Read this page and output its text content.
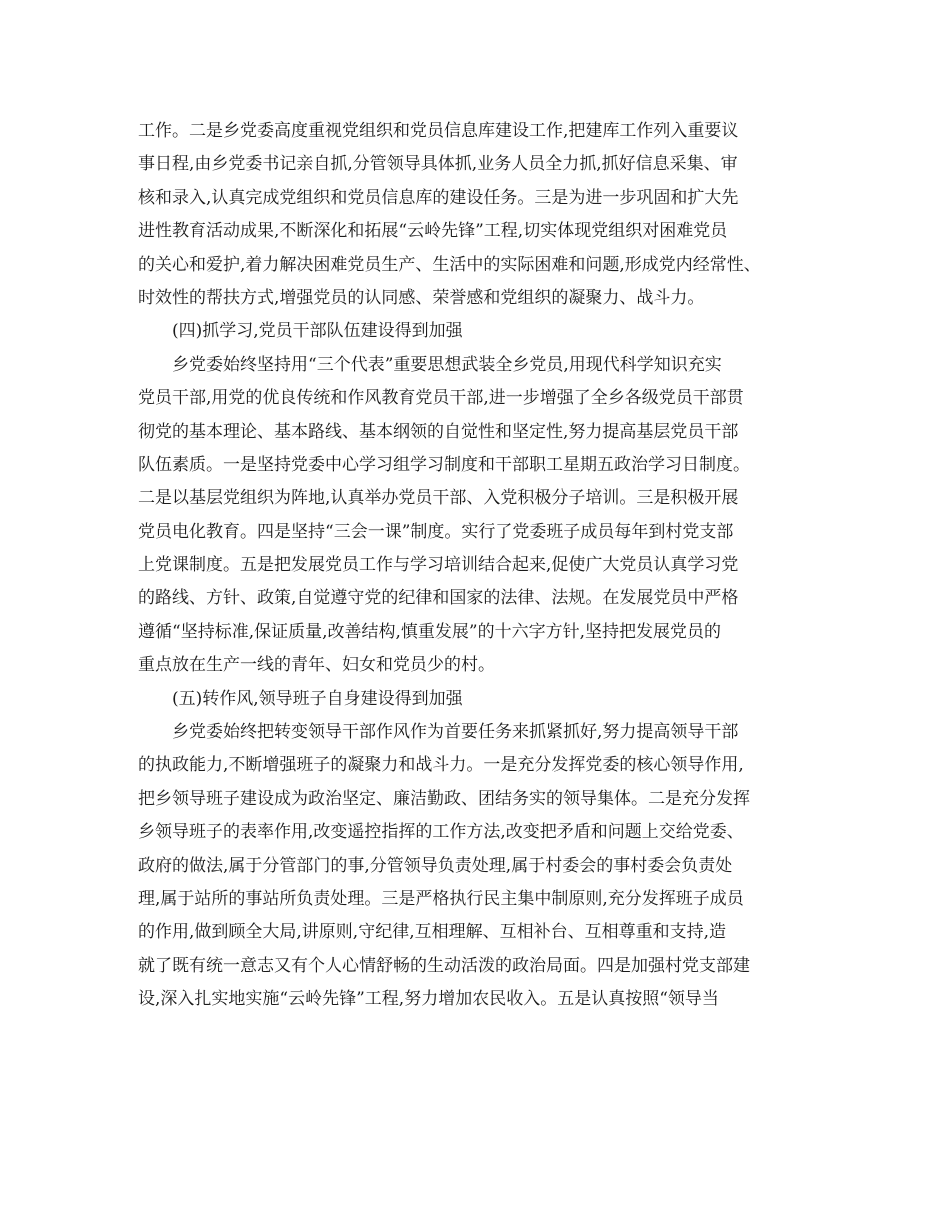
工作。二是乡党委高度重视党组织和党员信息库建设工作,把建库工作列入重要议
事日程,由乡党委书记亲自抓,分管领导具体抓,业务人员全力抓,抓好信息采集、审
核和录入,认真完成党组织和党员信息库的建设任务。三是为进一步巩固和扩大先
进性教育活动成果,不断深化和拓展“云岭先锋”工程,切实体现党组织对困难党员
的关心和爱护,着力解决困难党员生产、生活中的实际困难和问题,形成党内经常性、
时效性的帮扶方式,增强党员的认同感、荣誉感和党组织的凝聚力、战斗力。
(四)抓学习,党员干部队伍建设得到加强
乡党委始终坚持用“三个代表”重要思想武装全乡党员,用现代科学知识充实
党员干部,用党的优良传统和作风教育党员干部,进一步增强了全乡各级党员干部贯
彻党的基本理论、基本路线、基本纲领的自觉性和坚定性,努力提高基层党员干部
队伍素质。一是坚持党委中心学习组学习制度和干部职工星期五政治学习日制度。
二是以基层党组织为阵地,认真举办党员干部、入党积极分子培训。三是积极开展
党员电化教育。四是坚持“三会一课”制度。实行了党委班子成员每年到村党支部
上党课制度。五是把发展党员工作与学习培训结合起来,促使广大党员认真学习党
的路线、方针、政策,自觉遵守党的纪律和国家的法律、法规。在发展党员中严格
遵循“坚持标准,保证质量,改善结构,慎重发展”的十六字方针,坚持把发展党员的
重点放在生产一线的青年、妇女和党员少的村。
(五)转作风,领导班子自身建设得到加强
乡党委始终把转变领导干部作风作为首要任务来抓紧抓好,努力提高领导干部
的执政能力,不断增强班子的凝聚力和战斗力。一是充分发挥党委的核心领导作用,
把乡领导班子建设成为政治坚定、廉洁勤政、团结务实的领导集体。二是充分发挥
乡领导班子的表率作用,改变遥控指挥的工作方法,改变把矛盾和问题上交给党委、
政府的做法,属于分管部门的事,分管领导负责处理,属于村委会的事村委会负责处
理,属于站所的事站所负责处理。三是严格执行民主集中制原则,充分发挥班子成员
的作用,做到顾全大局,讲原则,守纪律,互相理解、互相补台、互相尊重和支持,造
就了既有统一意志又有个人心情舒畅的生动活泼的政治局面。四是加强村党支部建
设,深入扎实地实施“云岭先锋”工程,努力增加农民收入。五是认真按照“领导当
